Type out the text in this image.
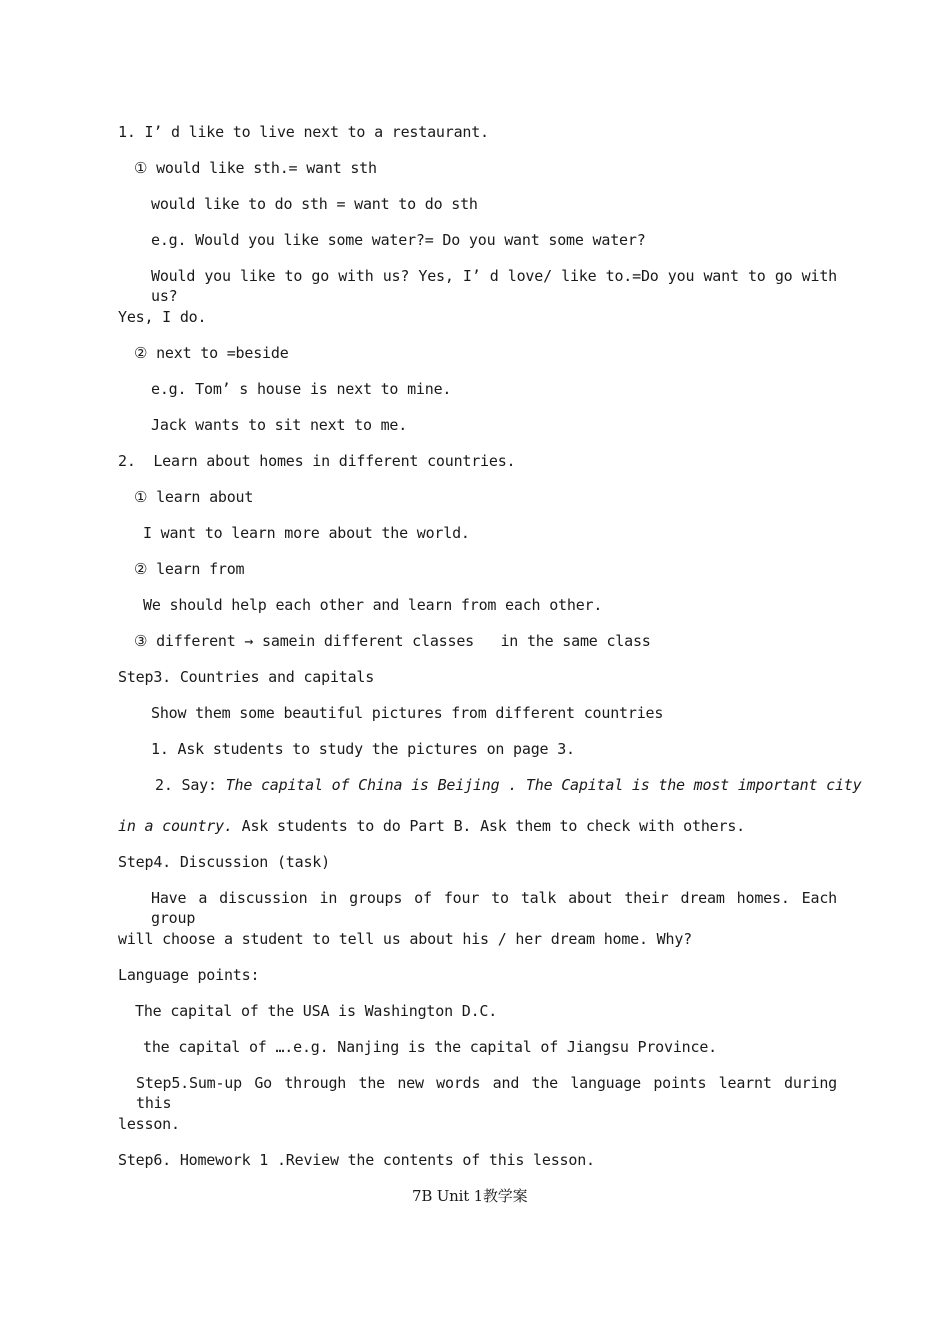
1. I’ d like to live next to a restaurant.
① would like sth.= want sth
would like to do sth = want to do sth
e.g. Would you like some water?= Do you want some water?
Would you like to go with us? Yes, I’ d love/ like to.=Do you want to go with us?
Yes, I do.
② next to =beside
e.g. Tom’ s house is next to mine.
Jack wants to sit next to me.
2.  Learn about homes in different countries.
① learn about
I want to learn more about the world.
② learn from
We should help each other and learn from each other.
③ different → samein different classes   in the same class
Step3. Countries and capitals
Show them some beautiful pictures from different countries
1. Ask students to study the pictures on page 3.
2. Say: The capital of China is Beijing . The Capital is the most important city
in a country. Ask students to do Part B. Ask them to check with others.
Step4. Discussion (task)
Have a discussion in groups of four to talk about their dream homes. Each group
will choose a student to tell us about his / her dream home. Why?
Language points:
The capital of the USA is Washington D.C.
the capital of ….e.g. Nanjing is the capital of Jiangsu Province.
Step5.Sum-up Go through the new words and the language points learnt during this
lesson.
Step6. Homework 1 .Review the contents of this lesson.
7B Unit 1教学案
